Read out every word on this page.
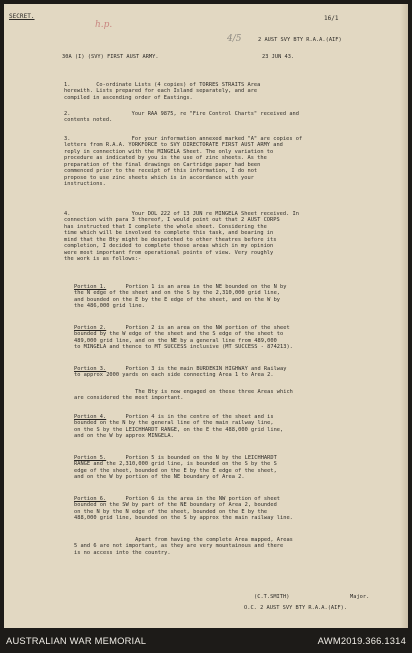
SECRET.
h.p.
4/5
16/1
2 AUST SVY BTY R.A.A.(AIF)
30A (I) (SVY) FIRST AUST ARMY.	23 JUN 43.
1.        Co-ordinate Lists (4 copies) of TORRES STRAITS Area
herewith. Lists prepared for each Island separately, and are
compiled in ascending order of Eastings.
2.                   Your RAA 9875, re "Fire Control Charts" received and
contents noted.
3.                   For your information annexed marked "A" are copies of
letters from R.A.A. YORKFORCE to SVY DIRECTORATE FIRST AUST ARMY and
reply in connection with the MINGELA Sheet. The only variation to
procedure as indicated by you is the use of zinc sheets. As the
preparation of the final drawings on Cartridge paper had been
commenced prior to the receipt of this information, I do not
propose to use zinc sheets which is in accordance with your
instructions.
4.                   Your DOL 222 of 13 JUN re MINGELA Sheet received. In
connection with para 3 thereof, I would point out that 2 AUST CORPS
has instructed that I complete the whole sheet. Considering the
time which will be involved to complete this task, and bearing in
mind that the Bty might be despatched to other theatres before its
completion, I decided to complete those areas which in my opinion
were most important from operational points of view. Very roughly
the work is as follows:-
Portion 1.      Portion 1 is an area in the NE bounded on the N by
the N edge of the sheet and on the S by the 2,310,000 grid line,
and bounded on the E by the E edge of the sheet, and on the W by
the 486,000 grid line.
Portion 2.      Portion 2 is an area on the NW portion of the sheet
bounded by the W edge of the sheet and the S edge of the sheet to
489,000 grid line, and on the NE by a general line from 489,000
to MINGELA and thence to MT SUCCESS inclusive (MT SUCCESS - 874213).
Portion 3.      Portion 3 is the main BURDEKIN HIGHWAY and Railway
to approx 2000 yards on each side connecting Area 1 to Area 2.
The Bty is now engaged on these three Areas which
are considered the most important.
Portion 4.      Portion 4 is in the centre of the sheet and is
bounded on the N by the general line of the main railway line,
on the S by the LEICHHARDT RANGE, on the E the 488,000 grid line,
and on the W by approx MINGELA.
Portion 5.      Portion 5 is bounded on the N by the LEICHHARDT
RANGE and the 2,310,000 grid line, is bounded on the S by the S
edge of the sheet, bounded on the E by the E edge of the sheet,
and on the W by portion of the NE boundary of Area 2.
Portion 6.      Portion 6 is the area in the NW portion of sheet
bounded on the SW by part of the NE boundary of Area 2, bounded
on the N by the N edge of the sheet, bounded on the E by the
488,000 grid line, bounded on the S by approx the main railway line.
Apart from having the complete Area mapped, Areas
5 and 6 are not important, as they are very mountainous and there
is no access into the country.
(C.T.SMITH)	Major.
O.C. 2 AUST SVY BTY R.A.A.(AIF).
AUSTRALIAN WAR MEMORIAL	AWM2019.366.1314
